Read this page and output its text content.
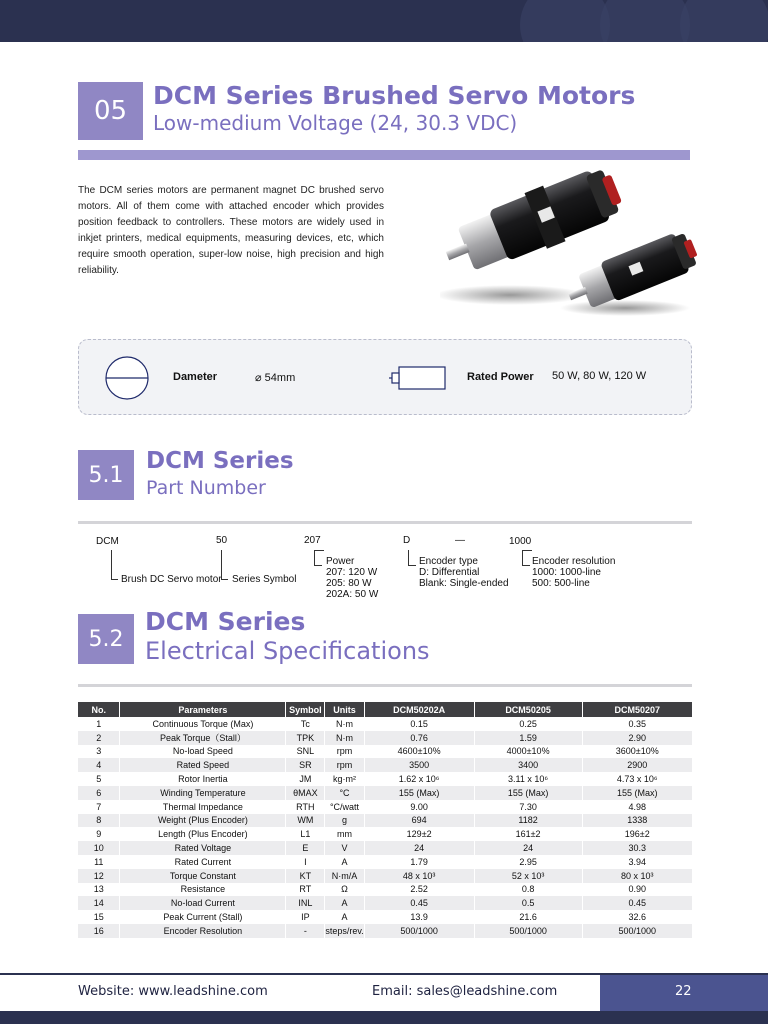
05
DCM Series Brushed Servo Motors
Low-medium Voltage (24, 30.3 VDC)

The DCM series motors are permanent magnet DC brushed servo motors. All of them come with attached encoder which provides position feedback to controllers. These motors are widely used in inkjet printers, medical equipments, measuring devices, etc, which require smooth operation, super-low noise, high precision and high reliability.

Dameter	⌀ 54mm	Rated Power 50 W, 80 W, 120 W
5.1
DCM Series
Part Number
DCM	50	207	D	—	1000
Brush DC Servo motor Series Symbol
Power
207: 120 W
205: 80 W
202A: 50 W
Encoder type
D: Differential
Blank: Single-ended
Encoder resolution
1000: 1000-line
500: 500-line
5.2
DCM Series
Electrical Specifications
No.	Parameters	Symbol	Units	DCM50202A	DCM50205	DCM50207
1	Continuous Torque (Max)	Tc	N·m	0.15	0.25	0.35
2	Peak Torque（Stall）	TPK	N·m	0.76	1.59	2.90
3	No-load Speed	SNL	rpm	4600±10%	4000±10%	3600±10%
4	Rated Speed	SR	rpm	3500	3400	2900
5	Rotor Inertia	JM	kg·m²	1.62 x 10⁶	3.11 x 10⁶	4.73 x 10⁶
6	Winding Temperature	θMAX	°C	155 (Max)	155 (Max)	155 (Max)
7	Thermal Impedance	RTH	°C/watt	9.00	7.30	4.98
8	Weight (Plus Encoder)	WM	g	694	1182	1338
9	Length (Plus Encoder)	L1	mm	129±2	161±2	196±2
10	Rated Voltage	E	V	24	24	30.3
11	Rated Current	I	A	1.79	2.95	3.94
12	Torque Constant	KT	N·m/A	48 x 10³	52 x 10³	80 x 10³
13	Resistance	RT	Ω	2.52	0.8	0.90
14	No-load Current	INL	A	0.45	0.5	0.45
15	Peak Current (Stall)	IP	A	13.9	21.6	32.6
16	Encoder Resolution	-	steps/rev.	500/1000	500/1000	500/1000
Website: www.leadshine.com	Email: sales@leadshine.com	22
